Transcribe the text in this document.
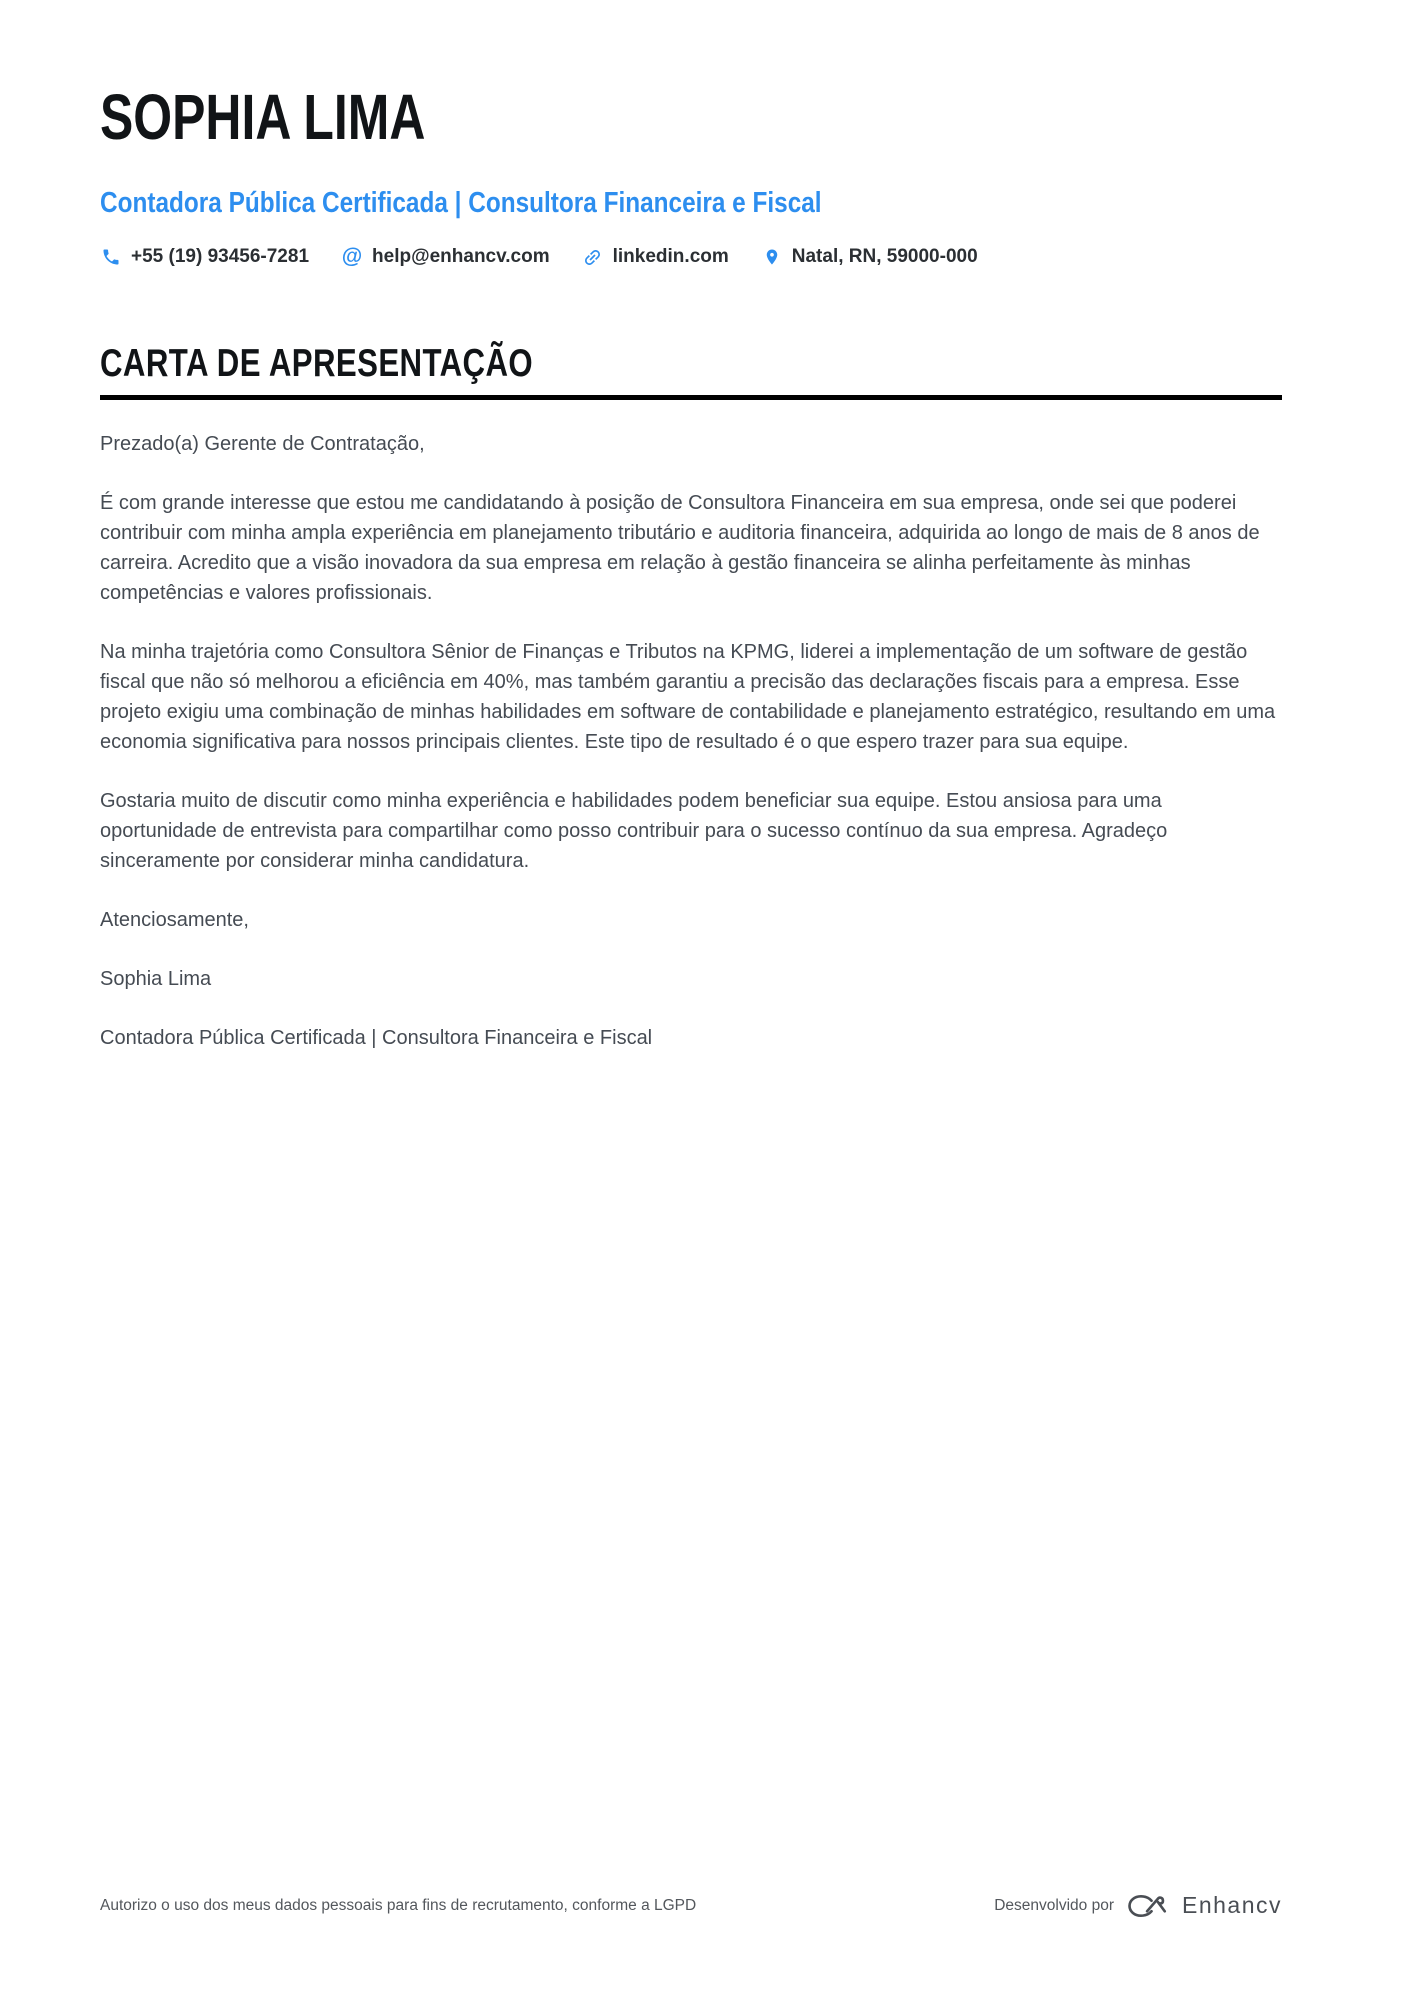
SOPHIA LIMA
Contadora Pública Certificada | Consultora Financeira e Fiscal
+55 (19) 93456-7281 @ help@enhancv.com	linkedin.com	Natal, RN, 59000-000
CARTA DE APRESENTAÇÃO

Prezado(a) Gerente de Contratação,

É com grande interesse que estou me candidatando à posição de Consultora Financeira em sua empresa, onde sei que poderei contribuir com minha ampla experiência em planejamento tributário e auditoria financeira, adquirida ao longo de mais de 8 anos de carreira. Acredito que a visão inovadora da sua empresa em relação à gestão financeira se alinha perfeitamente às minhas competências e valores profissionais.

Na minha trajetória como Consultora Sênior de Finanças e Tributos na KPMG, liderei a implementação de um software de gestão fiscal que não só melhorou a eficiência em 40%, mas também garantiu a precisão das declarações fiscais para a empresa. Esse projeto exigiu uma combinação de minhas habilidades em software de contabilidade e planejamento estratégico, resultando em uma economia significativa para nossos principais clientes. Este tipo de resultado é o que espero trazer para sua equipe.

Gostaria muito de discutir como minha experiência e habilidades podem beneficiar sua equipe. Estou ansiosa para uma oportunidade de entrevista para compartilhar como posso contribuir para o sucesso contínuo da sua empresa. Agradeço sinceramente por considerar minha candidatura.

Atenciosamente,

Sophia Lima

Contadora Pública Certificada | Consultora Financeira e Fiscal

Autorizo o uso dos meus dados pessoais para fins de recrutamento, conforme a LGPD	Desenvolvido por	Enhancv
